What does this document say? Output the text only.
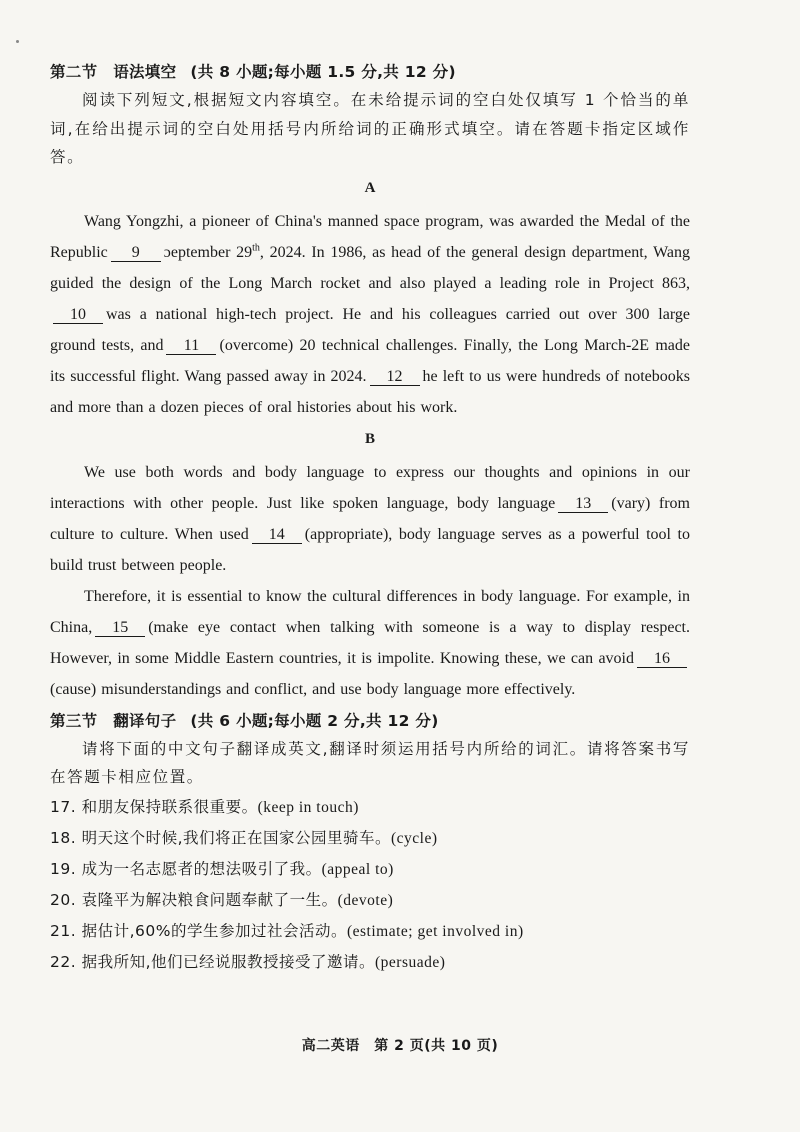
第二节　语法填空 (共 8 小题;每小题 1.5 分,共 12 分)

阅读下列短文,根据短文内容填空。在未给提示词的空白处仅填写 1 个恰当的单词,在给出提示词的空白处用括号内所给词的正确形式填空。请在答题卡指定区域作答。

A

Wang Yongzhi, a pioneer of China's manned space program, was awarded the Medal of the Republic 9 ɔeptember 29th, 2024. In 1986, as head of the general design department, Wang guided the design of the Long March rocket and also played a leading role in Project 863,10 was a national high-tech project. He and his colleagues carried out over 300 large ground tests, and 11 (overcome) 20 technical challenges. Finally, the Long March-2E made its successful flight. Wang passed away in 2024. 12 he left to us were hundreds of notebooks and more than a dozen pieces of oral histories about his work.

B

We use both words and body language to express our thoughts and opinions in our interactions with other people. Just like spoken language, body language 13 (vary) from culture to culture. When used 14 (appropriate), body language serves as a powerful tool to build trust between people.

Therefore, it is essential to know the cultural differences in body language. For example, in China, 15 (make eye contact when talking with someone is a way to display respect. However, in some Middle Eastern countries, it is impolite. Knowing these, we can avoid 16(cause) misunderstandings and conflict, and use body language more effectively.

第三节　翻译句子 (共 6 小题;每小题 2 分,共 12 分)

请将下面的中文句子翻译成英文,翻译时须运用括号内所给的词汇。请将答案书写在答题卡相应位置。

17. 和朋友保持联系很重要。(keep in touch)
18. 明天这个时候,我们将正在国家公园里骑车。(cycle)
19. 成为一名志愿者的想法吸引了我。(appeal to)
20. 袁隆平为解决粮食问题奉献了一生。(devote)
21. 据估计,60%的学生参加过社会活动。(estimate; get involved in)
22. 据我所知,他们已经说服教授接受了邀请。(persuade)
高二英语　第 2 页(共 10 页)
